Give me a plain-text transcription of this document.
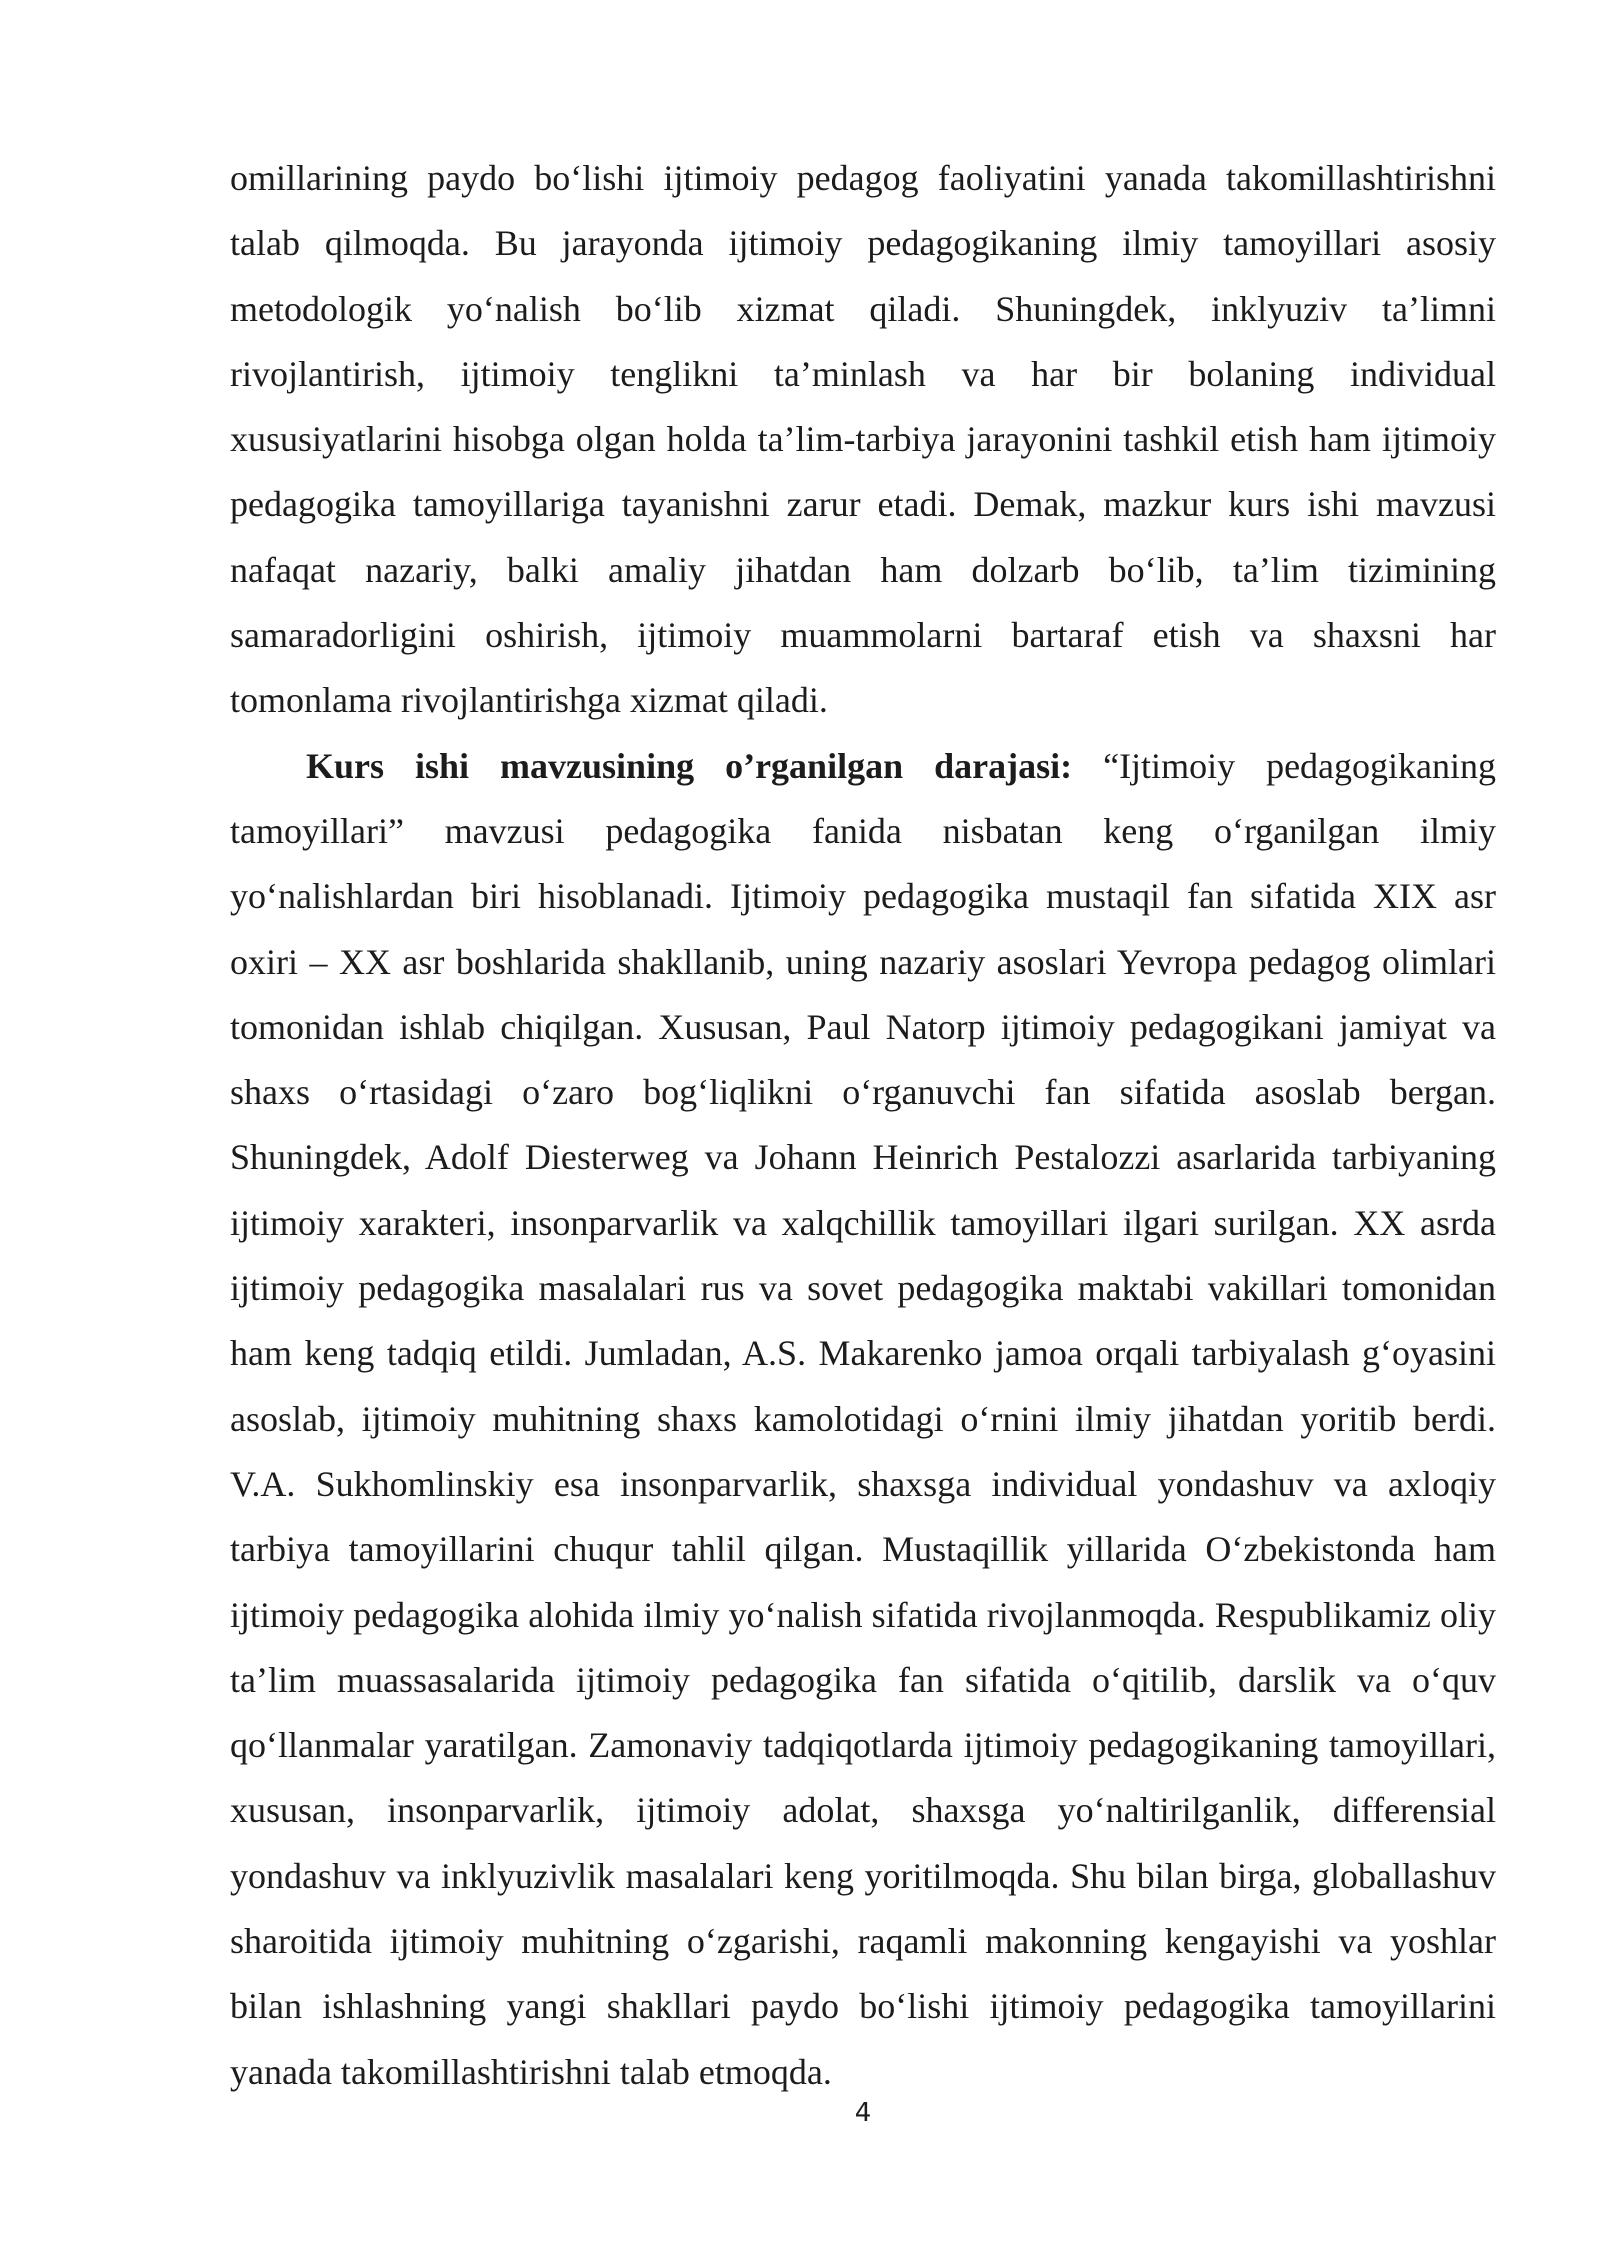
omillarining paydo bo‘lishi ijtimoiy pedagog faoliyatini yanada takomillashtirishni talab qilmoqda. Bu jarayonda ijtimoiy pedagogikaning ilmiy tamoyillari asosiy metodologik yo‘nalish bo‘lib xizmat qiladi. Shuningdek, inklyuziv ta’limni rivojlantirish, ijtimoiy tenglikni ta’minlash va har bir bolaning individual xususiyatlarini hisobga olgan holda ta’lim-tarbiya jarayonini tashkil etish ham ijtimoiy pedagogika tamoyillariga tayanishni zarur etadi. Demak, mazkur kurs ishi mavzusi nafaqat nazariy, balki amaliy jihatdan ham dolzarb bo‘lib, ta’lim tizimining samaradorligini oshirish, ijtimoiy muammolarni bartaraf etish va shaxsni har tomonlama rivojlantirishga xizmat qiladi.

Kurs ishi mavzusining o’rganilgan darajasi: “Ijtimoiy pedagogikaning tamoyillari” mavzusi pedagogika fanida nisbatan keng o‘rganilgan ilmiy yo‘nalishlardan biri hisoblanadi. Ijtimoiy pedagogika mustaqil fan sifatida XIX asr oxiri – XX asr boshlarida shakllanib, uning nazariy asoslari Yevropa pedagog olimlari tomonidan ishlab chiqilgan. Xususan, Paul Natorp ijtimoiy pedagogikani jamiyat va shaxs o‘rtasidagi o‘zaro bog‘liqlikni o‘rganuvchi fan sifatida asoslab bergan. Shuningdek, Adolf Diesterweg va Johann Heinrich Pestalozzi asarlarida tarbiyaning ijtimoiy xarakteri, insonparvarlik va xalqchillik tamoyillari ilgari surilgan. XX asrda ijtimoiy pedagogika masalalari rus va sovet pedagogika maktabi vakillari tomonidan ham keng tadqiq etildi. Jumladan, A.S. Makarenko jamoa orqali tarbiyalash g‘oyasini asoslab, ijtimoiy muhitning shaxs kamolotidagi o‘rnini ilmiy jihatdan yoritib berdi. V.A. Sukhomlinskiy esa insonparvarlik, shaxsga individual yondashuv va axloqiy tarbiya tamoyillarini chuqur tahlil qilgan. Mustaqillik yillarida O‘zbekistonda ham ijtimoiy pedagogika alohida ilmiy yo‘nalish sifatida rivojlanmoqda. Respublikamiz oliy ta’lim muassasalarida ijtimoiy pedagogika fan sifatida o‘qitilib, darslik va o‘quv qo‘llanmalar yaratilgan. Zamonaviy tadqiqotlarda ijtimoiy pedagogikaning tamoyillari, xususan, insonparvarlik, ijtimoiy adolat, shaxsga yo‘naltirilganlik, differensial yondashuv va inklyuzivlik masalalari keng yoritilmoqda. Shu bilan birga, globallashuv sharoitida ijtimoiy muhitning o‘zgarishi, raqamli makonning kengayishi va yoshlar bilan ishlashning yangi shakllari paydo bo‘lishi ijtimoiy pedagogika tamoyillarini yanada takomillashtirishni talab etmoqda.

4
